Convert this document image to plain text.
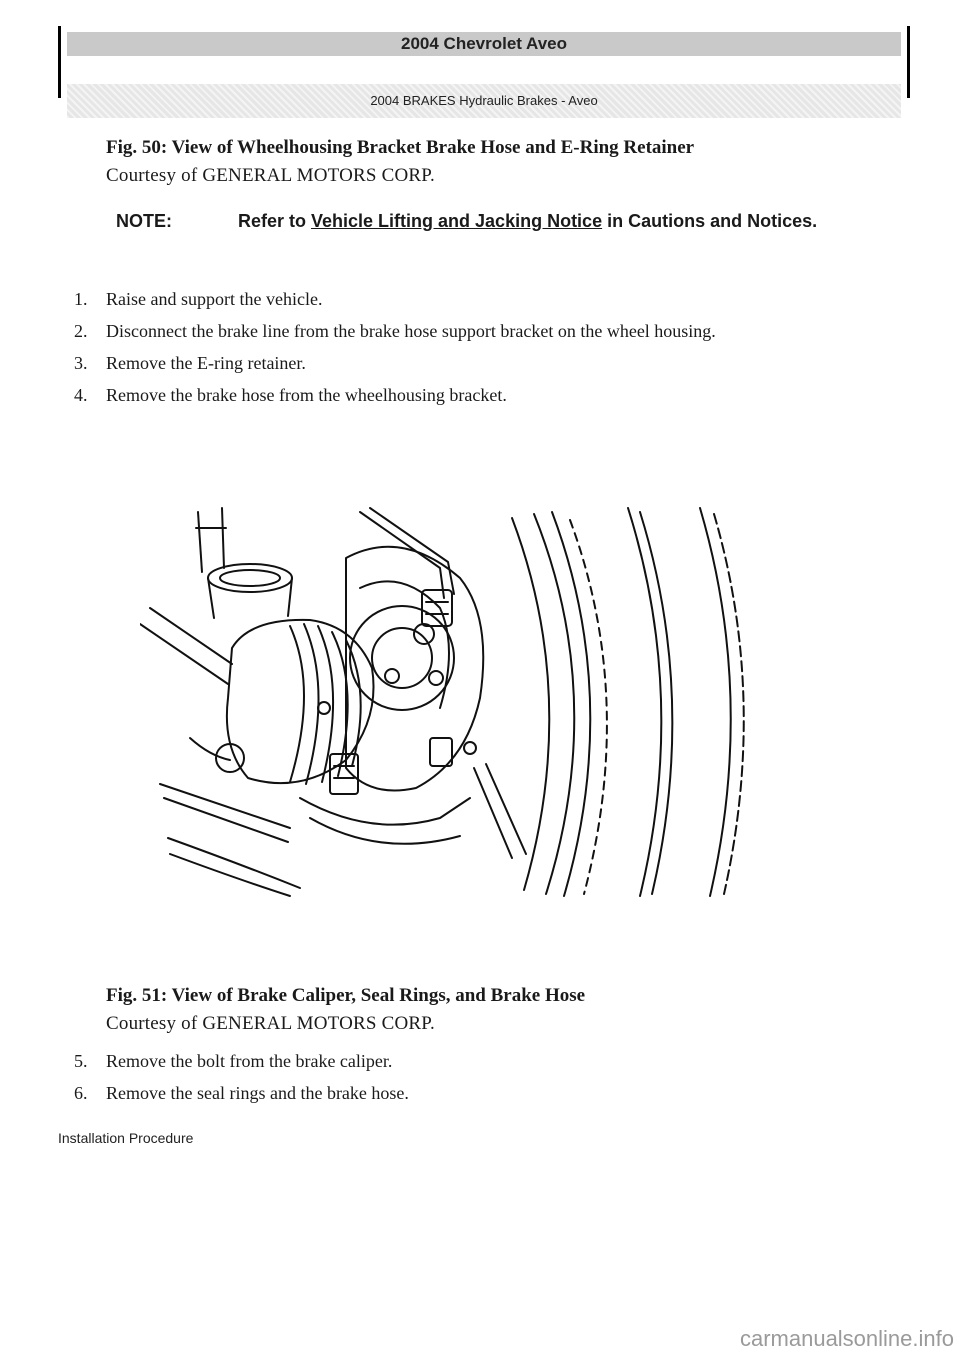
2004 Chevrolet Aveo
2004 BRAKES Hydraulic Brakes - Aveo
Fig. 50: View of Wheelhousing Bracket Brake Hose and E-Ring Retainer
Courtesy of GENERAL MOTORS CORP.
NOTE:	Refer to Vehicle Lifting and Jacking Notice in Cautions and Notices.
1. Raise and support the vehicle.
2. Disconnect the brake line from the brake hose support bracket on the wheel housing.
3. Remove the E-ring retainer.
4. Remove the brake hose from the wheelhousing bracket.
Fig. 51: View of Brake Caliper, Seal Rings, and Brake Hose
Courtesy of GENERAL MOTORS CORP.
5. Remove the bolt from the brake caliper.
6. Remove the seal rings and the brake hose.
Installation Procedure
carmanualsonline.info
